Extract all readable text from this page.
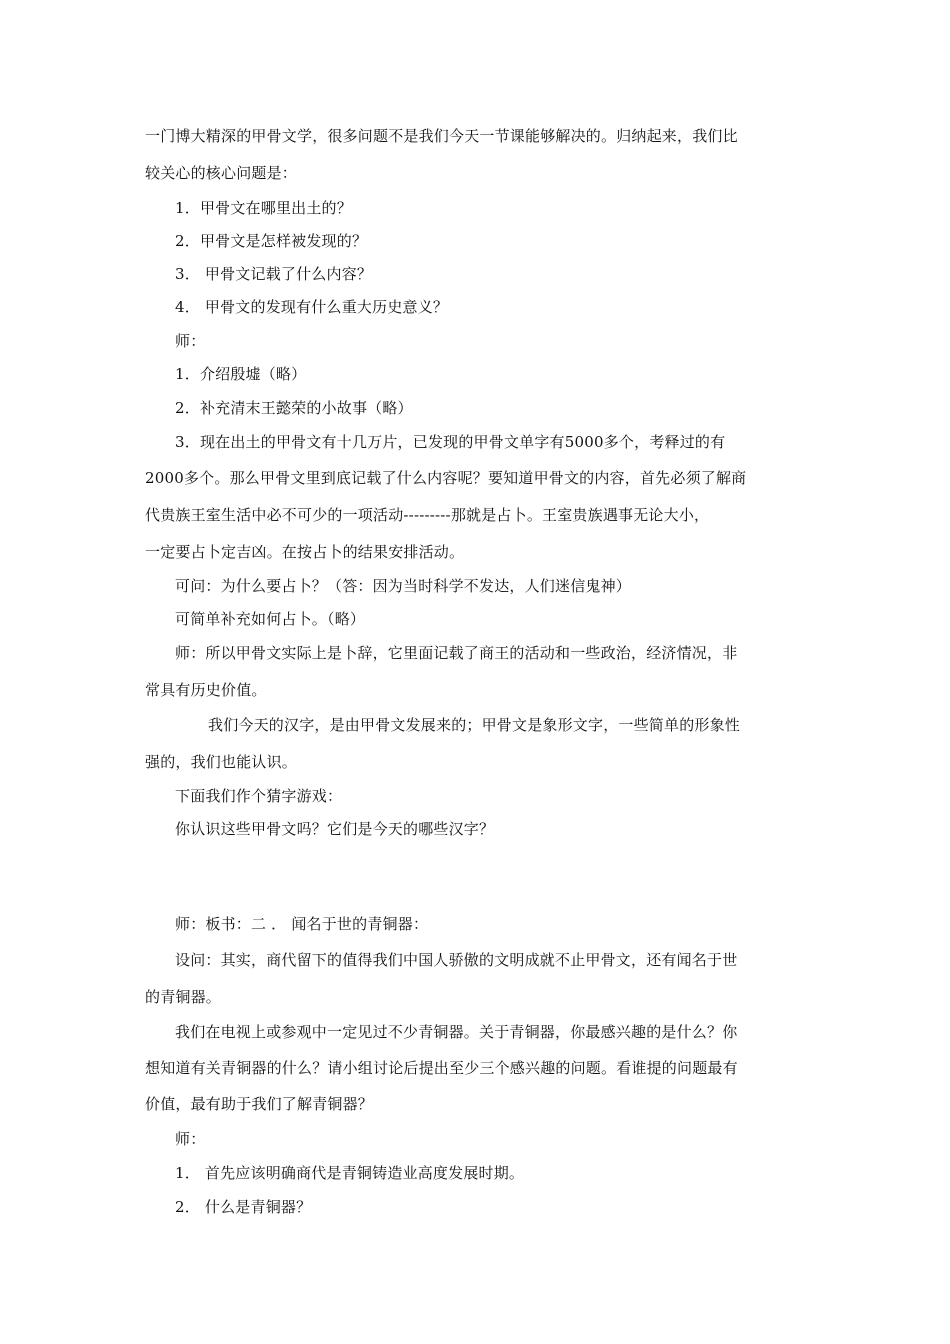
一门博大精深的甲骨文学，很多问题不是我们今天一节课能够解决的。归纳起来，我们比
较关心的核心问题是：
1．甲骨文在哪里出土的？
2．甲骨文是怎样被发现的？
3． 甲骨文记载了什么内容？
4． 甲骨文的发现有什么重大历史意义？
师：
1．介绍殷墟（略）
2．补充清末王懿荣的小故事（略）
3．现在出土的甲骨文有十几万片，已发现的甲骨文单字有5000多个，考释过的有
2000多个。那么甲骨文里到底记载了什么内容呢？要知道甲骨文的内容，首先必须了解商
代贵族王室生活中必不可少的一项活动---------那就是占卜。王室贵族遇事无论大小，
一定要占卜定吉凶。在按占卜的结果安排活动。
可问：为什么要占卜？（答：因为当时科学不发达，人们迷信鬼神）
可简单补充如何占卜。（略）
师：所以甲骨文实际上是卜辞，它里面记载了商王的活动和一些政治，经济情况，非
常具有历史价值。
我们今天的汉字，是由甲骨文发展来的；甲骨文是象形文字，一些简单的形象性
强的，我们也能认识。
下面我们作个猜字游戏：
你认识这些甲骨文吗？它们是今天的哪些汉字？
师：板书：二 ． 闻名于世的青铜器：
设问：其实，商代留下的值得我们中国人骄傲的文明成就不止甲骨文，还有闻名于世
的青铜器。
我们在电视上或参观中一定见过不少青铜器。关于青铜器，你最感兴趣的是什么？你
想知道有关青铜器的什么？请小组讨论后提出至少三个感兴趣的问题。看谁提的问题最有
价值，最有助于我们了解青铜器？
师：
1． 首先应该明确商代是青铜铸造业高度发展时期。
2． 什么是青铜器？
